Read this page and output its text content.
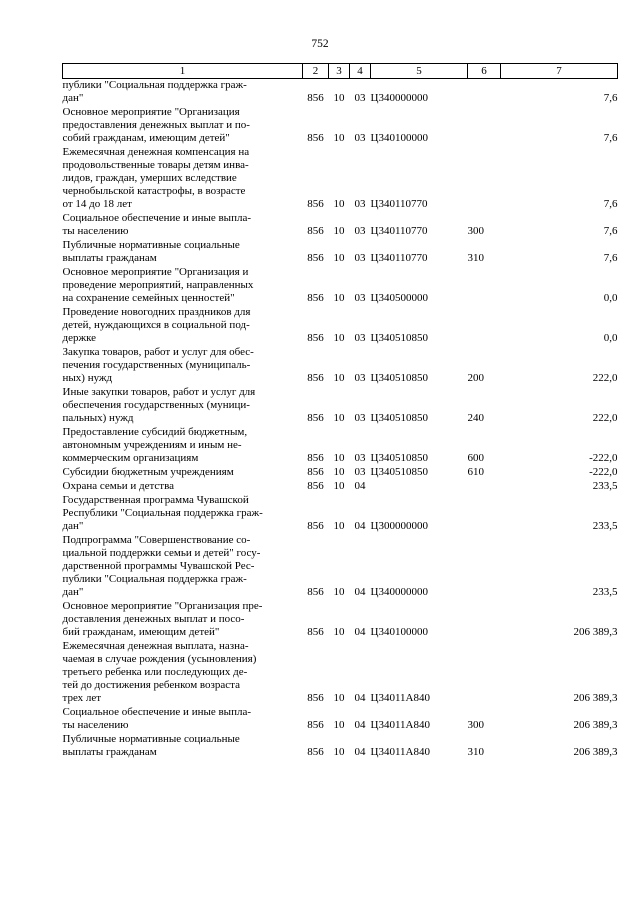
752
1	2	3	4	5	6	7

публики "Социальная поддержка граж-
дан"	856	10	03	Ц340000000		7,6

Основное мероприятие "Организация
предоставления денежных выплат и по-
собий гражданам, имеющим детей"	856	10	03	Ц340100000		7,6

Ежемесячная денежная компенсация на
продовольственные товары детям инва-
лидов, граждан, умерших вследствие
чернобыльской катастрофы, в возрасте
от 14 до 18 лет	856	10	03	Ц340110770		7,6

Социальное обеспечение и иные выпла-
ты населению	856	10	03	Ц340110770	300	7,6

Публичные нормативные социальные
выплаты гражданам	856	10	03	Ц340110770	310	7,6

Основное мероприятие "Организация и
проведение мероприятий, направленных
на сохранение семейных ценностей"	856	10	03	Ц340500000		0,0

Проведение новогодних праздников для
детей, нуждающихся в социальной под-
держке	856	10	03	Ц340510850		0,0

Закупка товаров, работ и услуг для обес-
печения государственных (муниципаль-
ных) нужд	856	10	03	Ц340510850	200	222,0

Иные закупки товаров, работ и услуг для
обеспечения государственных (муници-
пальных) нужд	856	10	03	Ц340510850	240	222,0

Предоставление субсидий бюджетным,
автономным учреждениям и иным не-
коммерческим организациям	856	10	03	Ц340510850	600	-222,0

Субсидии бюджетным учреждениям	856	10	03	Ц340510850	610	-222,0

Охрана семьи и детства	856	10	04			233,5

Государственная программа Чувашской
Республики "Социальная поддержка граж-
дан"	856	10	04	Ц300000000		233,5

Подпрограмма "Совершенствование со-
циальной поддержки семьи и детей" госу-
дарственной программы Чувашской Рес-
публики "Социальная поддержка граж-
дан"	856	10	04	Ц340000000		233,5

Основное мероприятие "Организация пре-
доставления денежных выплат и посо-
бий гражданам, имеющим детей"	856	10	04	Ц340100000		206 389,3

Ежемесячная денежная выплата, назна-
чаемая в случае рождения (усыновления)
третьего ребенка или последующих де-
тей до достижения ребенком возраста
трех лет	856	10	04	Ц34011А840		206 389,3

Социальное обеспечение и иные выпла-
ты населению	856	10	04	Ц34011А840	300	206 389,3

Публичные нормативные социальные
выплаты гражданам	856	10	04	Ц34011А840	310	206 389,3
